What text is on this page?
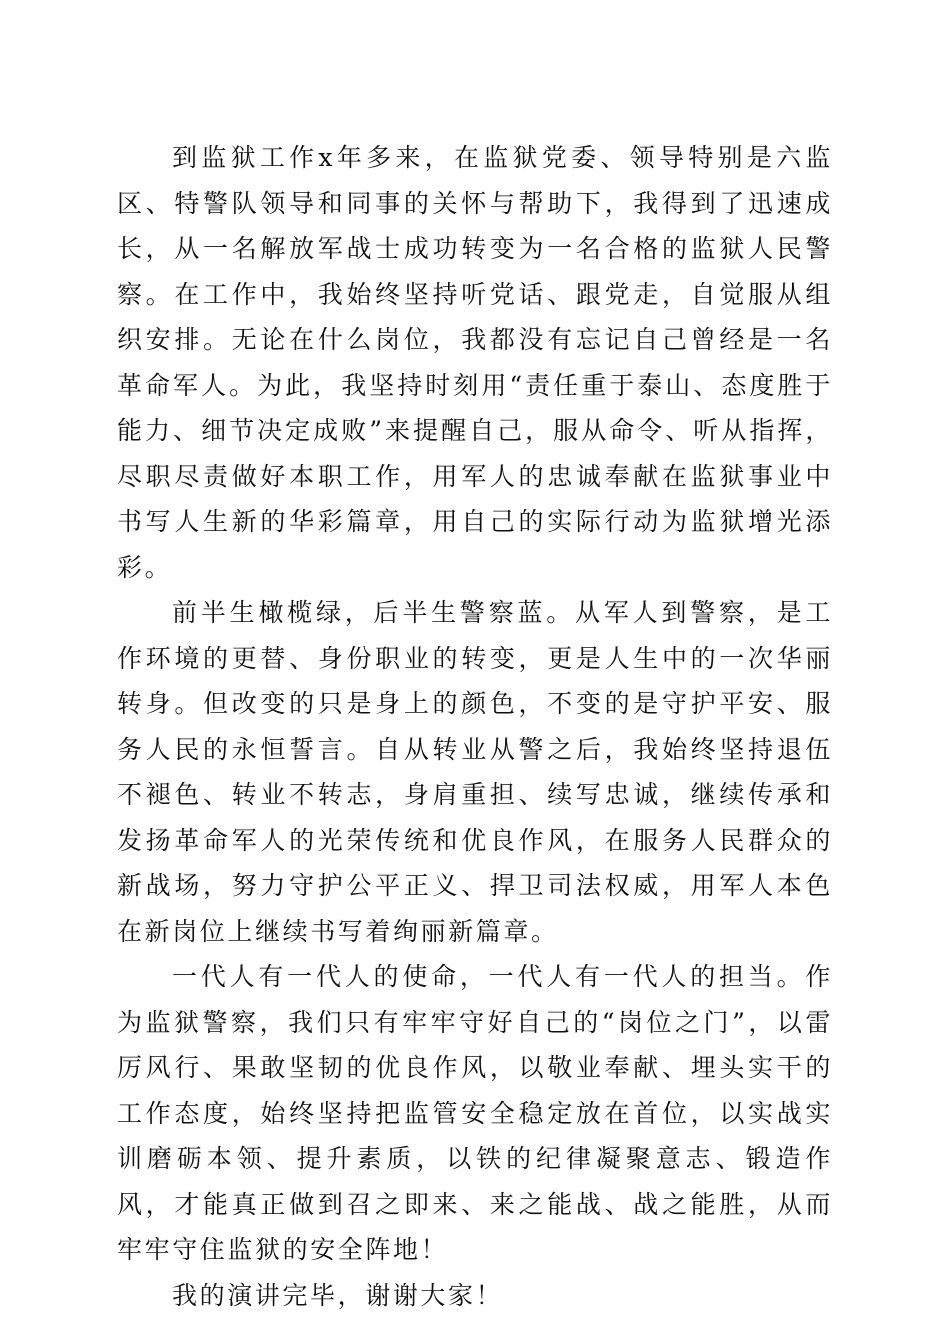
到监狱工作x年多来，在监狱党委、领导特别是六监区、特警队领导和同事的关怀与帮助下，我得到了迅速成长，从一名解放军战士成功转变为一名合格的监狱人民警察。在工作中，我始终坚持听党话、跟党走，自觉服从组织安排。无论在什么岗位，我都没有忘记自己曾经是一名革命军人。为此，我坚持时刻用“责任重于泰山、态度胜于能力、细节决定成败”来提醒自己，服从命令、听从指挥，尽职尽责做好本职工作，用军人的忠诚奉献在监狱事业中书写人生新的华彩篇章，用自己的实际行动为监狱增光添彩。

前半生橄榄绿，后半生警察蓝。从军人到警察，是工作环境的更替、身份职业的转变，更是人生中的一次华丽转身。但改变的只是身上的颜色，不变的是守护平安、服务人民的永恒誓言。自从转业从警之后，我始终坚持退伍不褪色、转业不转志，身肩重担、续写忠诚，继续传承和发扬革命军人的光荣传统和优良作风，在服务人民群众的新战场，努力守护公平正义、捍卫司法权威，用军人本色在新岗位上继续书写着绚丽新篇章。

一代人有一代人的使命，一代人有一代人的担当。作为监狱警察，我们只有牢牢守好自己的“岗位之门”，以雷厉风行、果敢坚韧的优良作风，以敬业奉献、埋头实干的工作态度，始终坚持把监管安全稳定放在首位，以实战实训磨砺本领、提升素质，以铁的纪律凝聚意志、锻造作风，才能真正做到召之即来、来之能战、战之能胜，从而牢牢守住监狱的安全阵地！

我的演讲完毕，谢谢大家！
